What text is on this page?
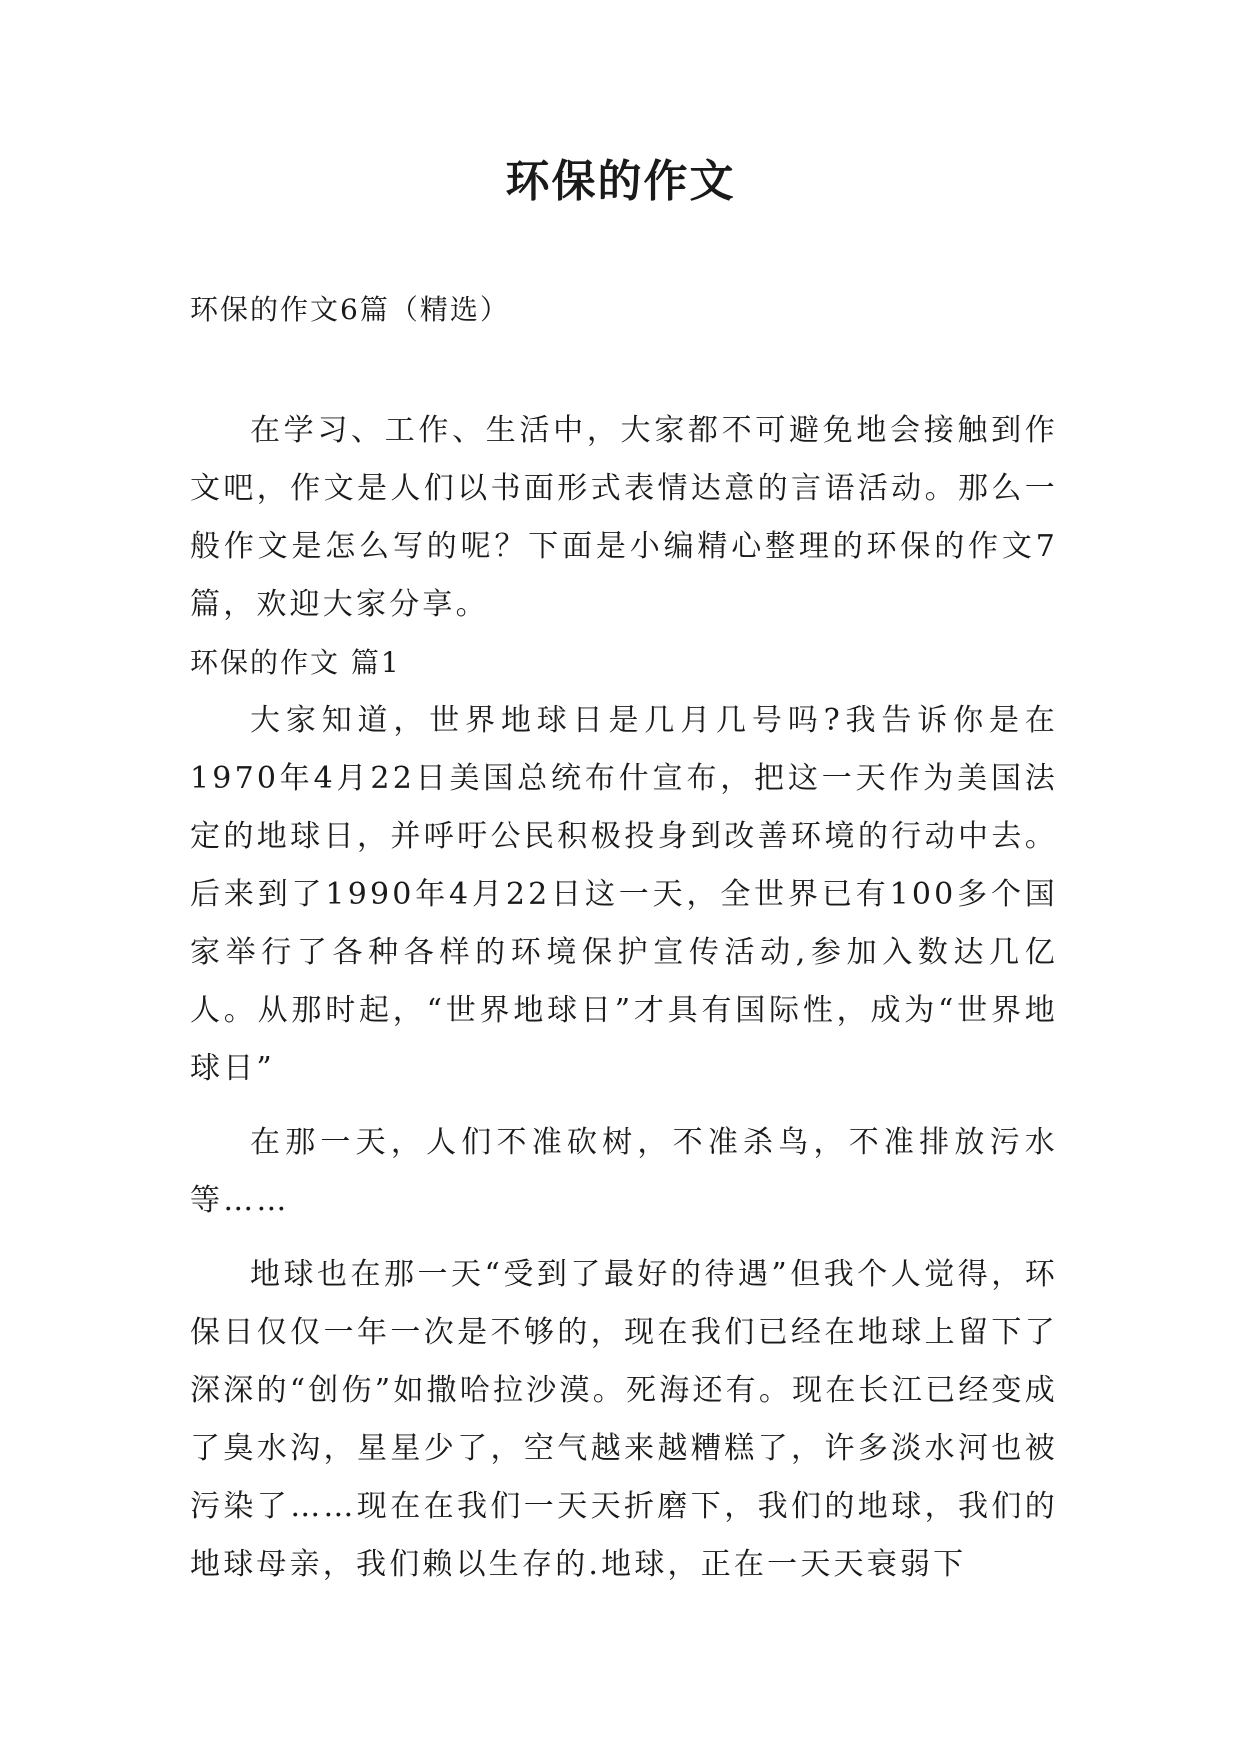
环保的作文
环保的作文6篇（精选）

在学习、工作、生活中，大家都不可避免地会接触到作文吧，作文是人们以书面形式表情达意的言语活动。那么一般作文是怎么写的呢？下面是小编精心整理的环保的作文7篇，欢迎大家分享。

环保的作文 篇1

大家知道，世界地球日是几月几号吗?我告诉你是在1970年4月22日美国总统布什宣布，把这一天作为美国法定的地球日，并呼吁公民积极投身到改善环境的行动中去。后来到了1990年4月22日这一天，全世界已有100多个国家举行了各种各样的环境保护宣传活动,参加入数达几亿人。从那时起，“世界地球日”才具有国际性，成为“世界地球日”

在那一天，人们不准砍树，不准杀鸟，不准排放污水等……

地球也在那一天“受到了最好的待遇”但我个人觉得，环保日仅仅一年一次是不够的，现在我们已经在地球上留下了深深的“创伤”如撒哈拉沙漠。死海还有。现在长江已经变成了臭水沟，星星少了，空气越来越糟糕了，许多淡水河也被污染了……现在在我们一天天折磨下，我们的地球，我们的地球母亲，我们赖以生存的.地球，正在一天天衰弱下
